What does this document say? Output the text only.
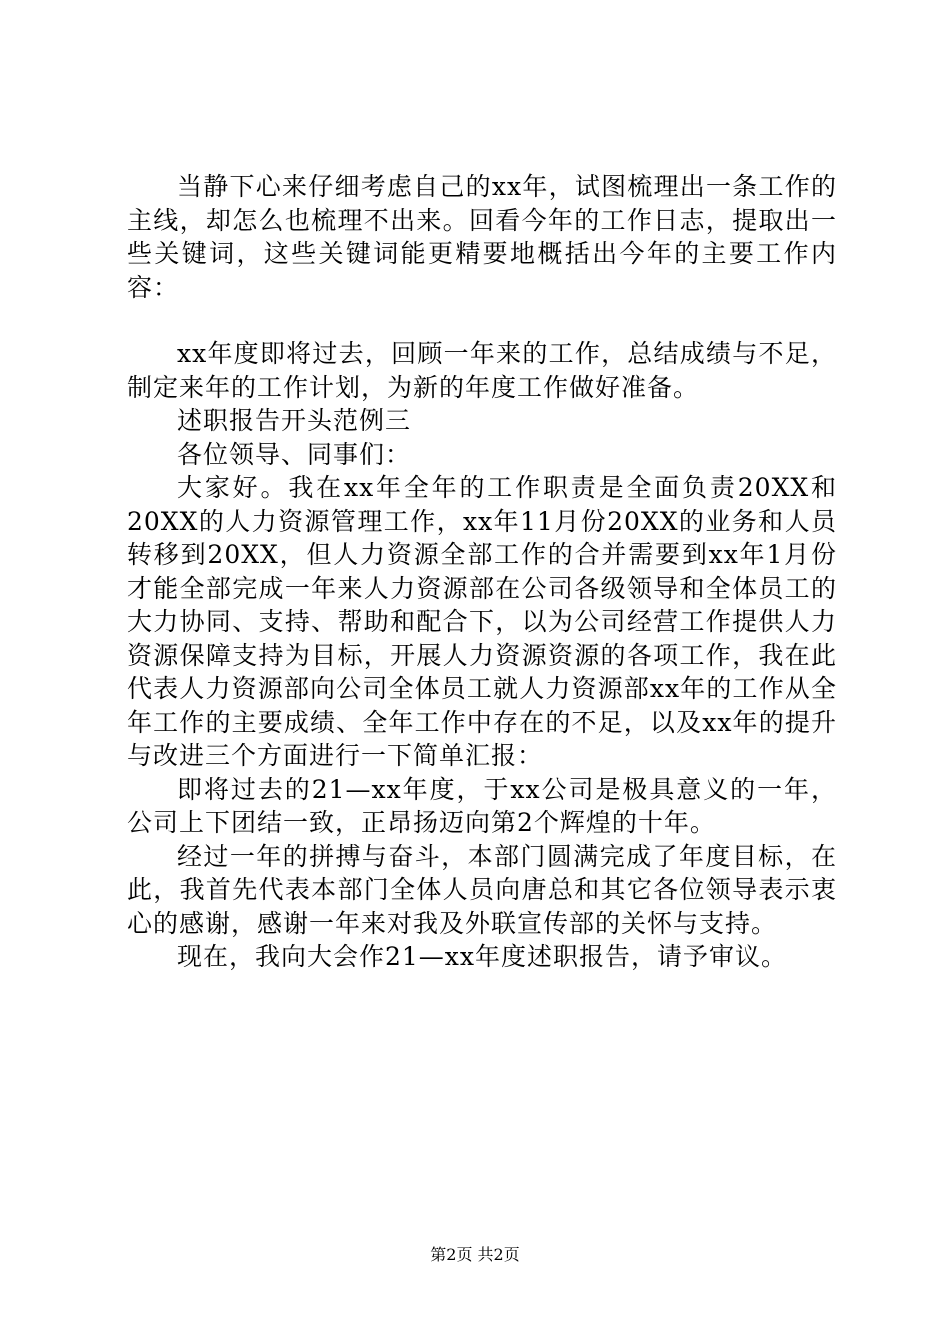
当静下心来仔细考虑自己的xx年，试图梳理出一条工作的主线，却怎么也梳理不出来。回看今年的工作日志，提取出一些关键词，这些关键词能更精要地概括出今年的主要工作内容：

xx年度即将过去，回顾一年来的工作，总结成绩与不足，制定来年的工作计划，为新的年度工作做好准备。

述职报告开头范例三

各位领导、同事们：

大家好。我在xx年全年的工作职责是全面负责20XX和20XX的人力资源管理工作，xx年11月份20XX的业务和人员转移到20XX，但人力资源全部工作的合并需要到xx年1月份才能全部完成一年来人力资源部在公司各级领导和全体员工的大力协同、支持、帮助和配合下，以为公司经营工作提供人力资源保障支持为目标，开展人力资源资源的各项工作，我在此代表人力资源部向公司全体员工就人力资源部xx年的工作从全年工作的主要成绩、全年工作中存在的不足，以及xx年的提升与改进三个方面进行一下简单汇报：

即将过去的21—xx年度，于xx公司是极具意义的一年，公司上下团结一致，正昂扬迈向第2个辉煌的十年。

经过一年的拼搏与奋斗，本部门圆满完成了年度目标，在此，我首先代表本部门全体人员向唐总和其它各位领导表示衷心的感谢，感谢一年来对我及外联宣传部的关怀与支持。

现在，我向大会作21—xx年度述职报告，请予审议。

第2页 共2页
